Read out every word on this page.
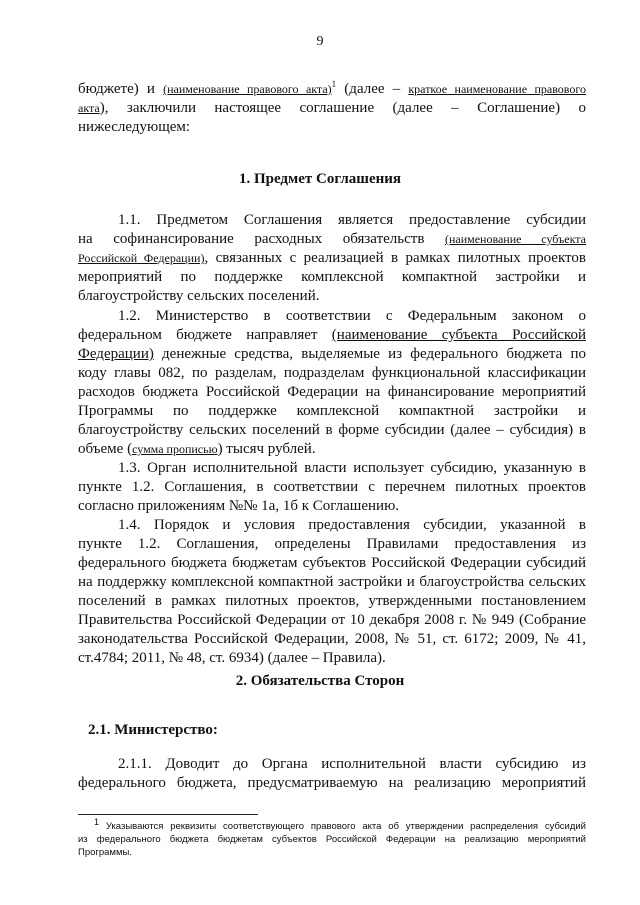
9
бюджете) и (наименование правового акта)$^1$ (далее – краткое наименование правового
акта), заключили настоящее соглашение (далее – Соглашение) о
нижеследующем:
1. Предмет Соглашения
1.1. Предметом Соглашения является предоставление субсидии
на софинансирование расходных обязательств (наименование субъекта
Российской Федерации), связанных с реализацией в рамках пилотных проектов
мероприятий по поддержке комплексной компактной застройки и
благоустройству сельских поселений.
1.2. Министерство в соответствии с Федеральным законом о
федеральном бюджете направляет (наименование субъекта Российской
Федерации) денежные средства, выделяемые из федерального бюджета по
коду главы 082, по разделам, подразделам функциональной классификации
расходов бюджета Российской Федерации на финансирование мероприятий
Программы по поддержке комплексной компактной застройки и
благоустройству сельских поселений в форме субсидии (далее – субсидия) в
объеме (сумма прописью) тысяч рублей.
1.3. Орган исполнительной власти использует субсидию, указанную в
пункте 1.2. Соглашения, в соответствии с перечнем пилотных проектов
согласно приложениям №№ 1а, 1б к Соглашению.
1.4. Порядок и условия предоставления субсидии, указанной в
пункте 1.2. Соглашения, определены Правилами предоставления из
федерального бюджета бюджетам субъектов Российской Федерации субсидий
на поддержку комплексной компактной застройки и благоустройства сельских
поселений в рамках пилотных проектов, утвержденными постановлением
Правительства Российской Федерации от 10 декабря 2008 г. № 949 (Собрание
законодательства Российской Федерации, 2008, № 51, ст. 6172; 2009, № 41,
ст.4784; 2011, № 48, ст. 6934) (далее – Правила).
2. Обязательства Сторон
2.1. Министерство:
2.1.1. Доводит до Органа исполнительной власти субсидию из
федерального бюджета, предусматриваемую на реализацию мероприятий
$^1$ Указываются реквизиты соответствующего правового акта об утверждении распределения субсидий
из федерального бюджета бюджетам субъектов Российской Федерации на реализацию мероприятий
Программы.
